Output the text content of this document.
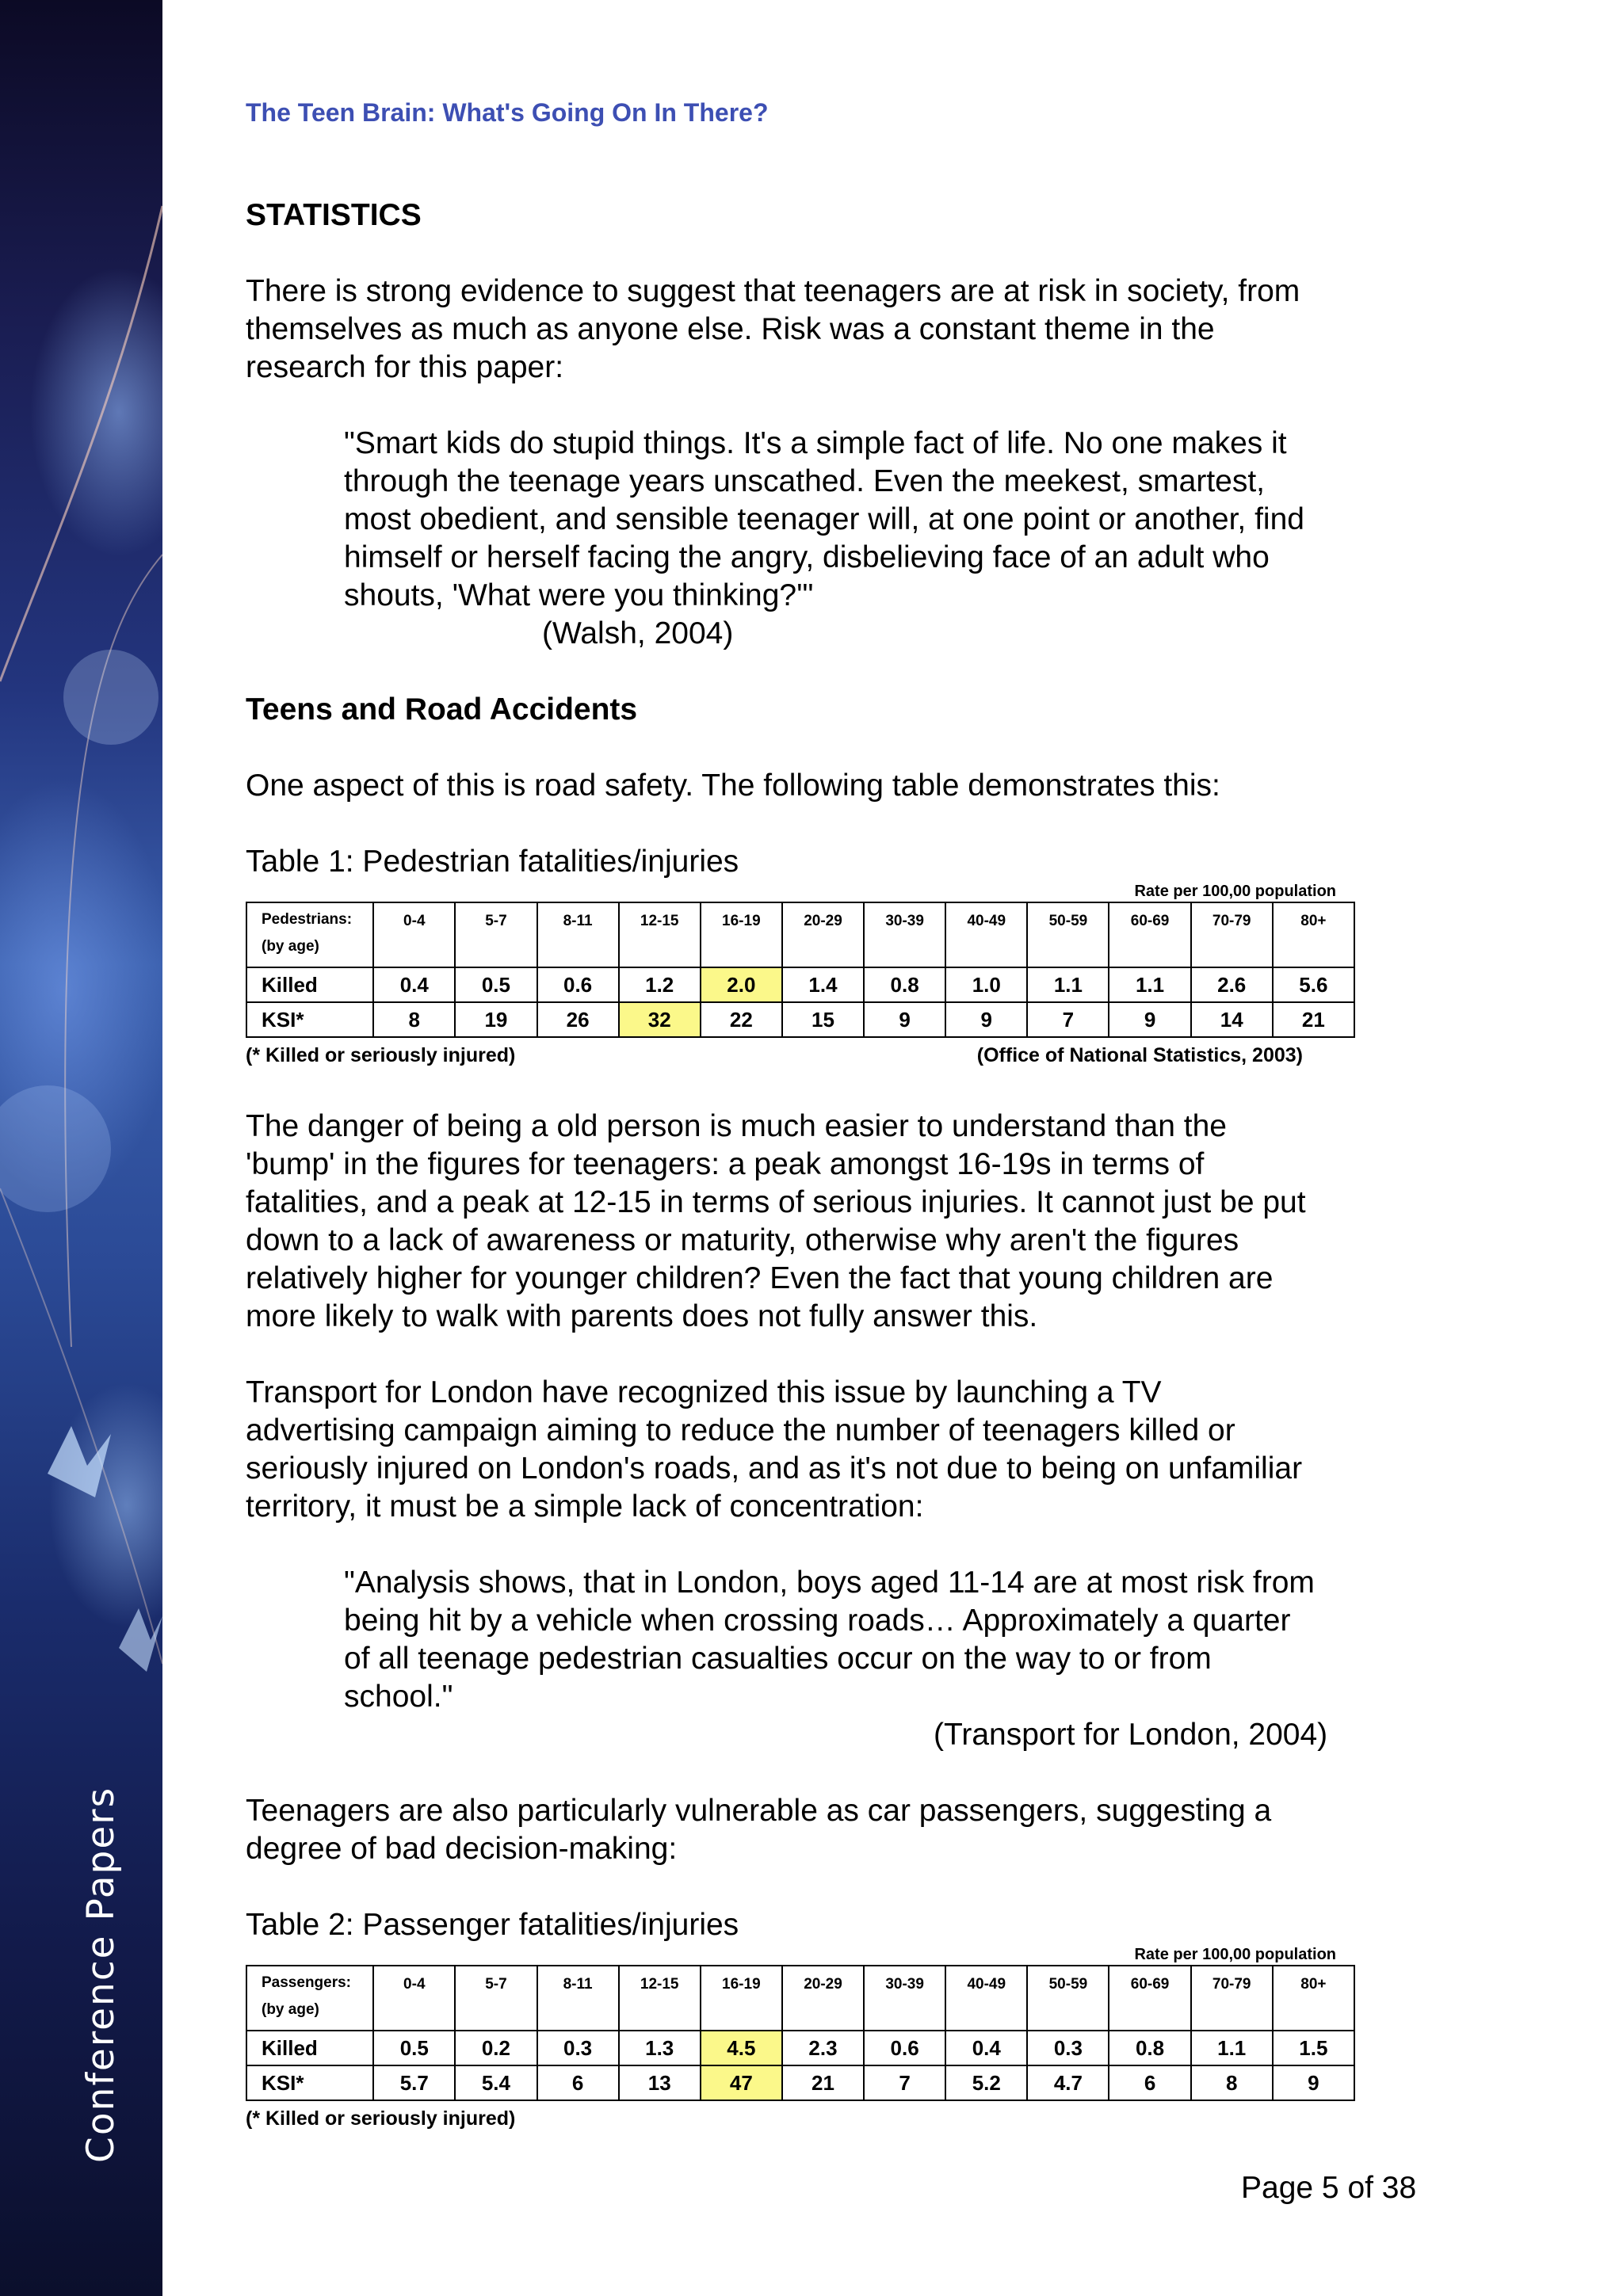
Conference Papers
The Teen Brain: What's Going On In There?

STATISTICS

There is strong evidence to suggest that teenagers are at risk in society, from
themselves as much as anyone else. Risk was a constant theme in the
research for this paper:

"Smart kids do stupid things. It's a simple fact of life. No one makes it
through the teenage years unscathed. Even the meekest, smartest,
most obedient, and sensible teenager will, at one point or another, find
himself or herself facing the angry, disbelieving face of an adult who
shouts, 'What were you thinking?'"

(Walsh, 2004)

Teens and Road Accidents

One aspect of this is road safety. The following table demonstrates this:

Table 1: Pedestrian fatalities/injuries

Rate per 100,00 population
Pedestrians:
(by age)	0-4	5-7	8-11	12-15	16-19	20-29	30-39	40-49	50-59	60-69	70-79	80+
Killed	0.4	0.5	0.6	1.2	2.0	1.4	0.8	1.0	1.1	1.1	2.6	5.6
KSI*	8	19	26	32	22	15	9	9	7	9	14	21
(* Killed or seriously injured)	(Office of National Statistics, 2003)

The danger of being a old person is much easier to understand than the
'bump' in the figures for teenagers: a peak amongst 16-19s in terms of
fatalities, and a peak at 12-15 in terms of serious injuries. It cannot just be put
down to a lack of awareness or maturity, otherwise why aren't the figures
relatively higher for younger children? Even the fact that young children are
more likely to walk with parents does not fully answer this.

Transport for London have recognized this issue by launching a TV
advertising campaign aiming to reduce the number of teenagers killed or
seriously injured on London's roads, and as it's not due to being on unfamiliar
territory, it must be a simple lack of concentration:

"Analysis shows, that in London, boys aged 11-14 are at most risk from
being hit by a vehicle when crossing roads… Approximately a quarter
of all teenage pedestrian casualties occur on the way to or from
school."

(Transport for London, 2004)

Teenagers are also particularly vulnerable as car passengers, suggesting a
degree of bad decision-making:

Table 2: Passenger fatalities/injuries

Rate per 100,00 population
Passengers:
(by age)	0-4	5-7	8-11	12-15	16-19	20-29	30-39	40-49	50-59	60-69	70-79	80+
Killed	0.5	0.2	0.3	1.3	4.5	2.3	0.6	0.4	0.3	0.8	1.1	1.5
KSI*	5.7	5.4	6	13	47	21	7	5.2	4.7	6	8	9
(* Killed or seriously injured)
Page 5 of 38
